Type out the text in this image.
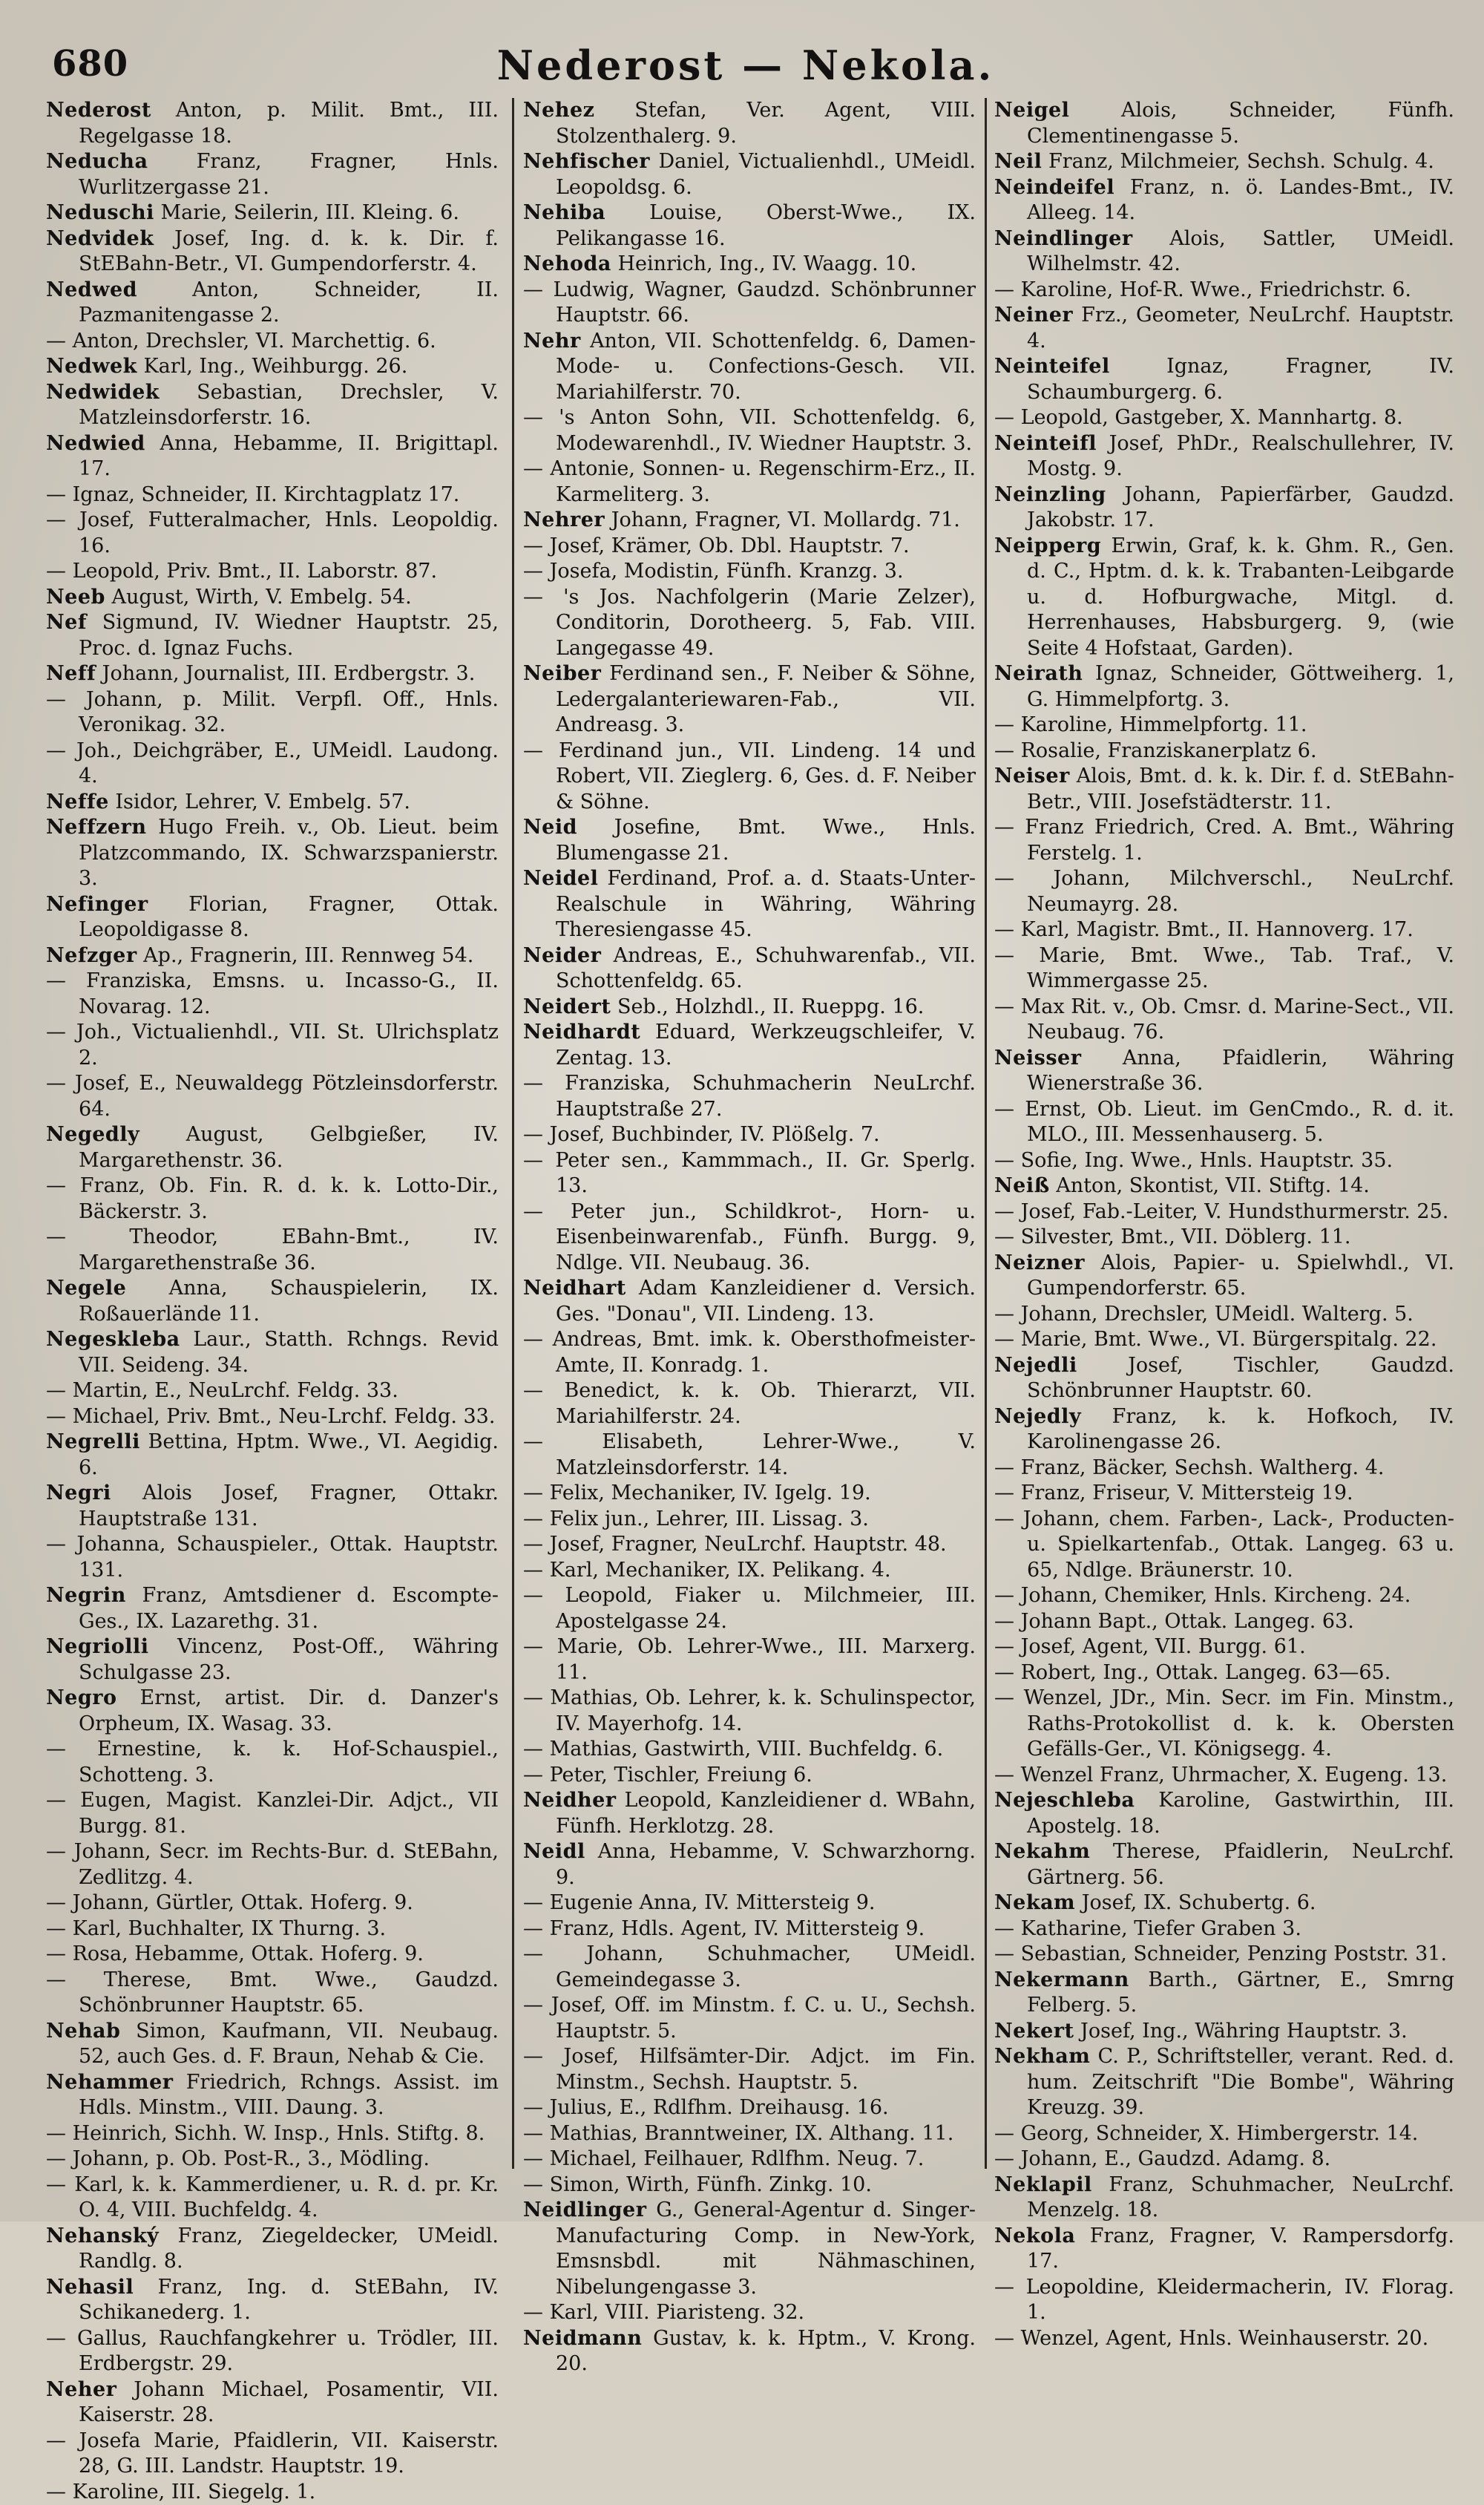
680	Nederost — Nekola.
Nederost Anton, p. Milit. Bmt., III. Regelgasse 18.
Neducha Franz, Fragner, Hnls. Wurlitzergasse 21.
Neduschi Marie, Seilerin, III. Kleing. 6.
Nedvidek Josef, Ing. d. k. k. Dir. f. StEBahn-Betr., VI. Gumpendorferstr. 4.
Nedwed Anton, Schneider, II. Pazmanitengasse 2.
— Anton, Drechsler, VI. Marchettig. 6.
Nedwek Karl, Ing., Weihburgg. 26.
Nedwidek Sebastian, Drechsler, V. Matzleinsdorferstr. 16.
Nedwied Anna, Hebamme, II. Brigittapl. 17.
— Ignaz, Schneider, II. Kirchtagplatz 17.
— Josef, Futteralmacher, Hnls. Leopoldig. 16.
— Leopold, Priv. Bmt., II. Laborstr. 87.
Neeb August, Wirth, V. Embelg. 54.
Nef Sigmund, IV. Wiedner Hauptstr. 25, Proc. d. Ignaz Fuchs.
Neff Johann, Journalist, III. Erdbergstr. 3.
— Johann, p. Milit. Verpfl. Off., Hnls. Veronikag. 32.
— Joh., Deichgräber, E., UMeidl. Laudong. 4.
Neffe Isidor, Lehrer, V. Embelg. 57.
Neffzern Hugo Freih. v., Ob. Lieut. beim Platzcommando, IX. Schwarzspanierstr. 3.
Nefinger Florian, Fragner, Ottak. Leopoldigasse 8.
Nefzger Ap., Fragnerin, III. Rennweg 54.
— Franziska, Emsns. u. Incasso-G., II. Novarag. 12.
— Joh., Victualienhdl., VII. St. Ulrichsplatz 2.
— Josef, E., Neuwaldegg Pötzleinsdorferstr. 64.
Negedly August, Gelbgießer, IV. Margarethenstr. 36.
— Franz, Ob. Fin. R. d. k. k. Lotto-Dir., Bäckerstr. 3.
— Theodor, EBahn-Bmt., IV. Margarethenstraße 36.
Negele Anna, Schauspielerin, IX. Roßauerlände 11.
Negeskleba Laur., Statth. Rchngs. Revid VII. Seideng. 34.
— Martin, E., NeuLrchf. Feldg. 33.
— Michael, Priv. Bmt., Neu-Lrchf. Feldg. 33.
Negrelli Bettina, Hptm. Wwe., VI. Aegidig. 6.
Negri Alois Josef, Fragner, Ottakr. Hauptstraße 131.
— Johanna, Schauspieler., Ottak. Hauptstr. 131.
Negrin Franz, Amtsdiener d. Escompte-Ges., IX. Lazarethg. 31.
Negriolli Vincenz, Post-Off., Währing Schulgasse 23.
Negro Ernst, artist. Dir. d. Danzer's Orpheum, IX. Wasag. 33.
— Ernestine, k. k. Hof-Schauspiel., Schotteng. 3.
— Eugen, Magist. Kanzlei-Dir. Adjct., VII Burgg. 81.
— Johann, Secr. im Rechts-Bur. d. StEBahn, Zedlitzg. 4.
— Johann, Gürtler, Ottak. Hoferg. 9.
— Karl, Buchhalter, IX Thurng. 3.
— Rosa, Hebamme, Ottak. Hoferg. 9.
— Therese, Bmt. Wwe., Gaudzd. Schönbrunner Hauptstr. 65.
Nehab Simon, Kaufmann, VII. Neubaug. 52, auch Ges. d. F. Braun, Nehab & Cie.
Nehammer Friedrich, Rchngs. Assist. im Hdls. Minstm., VIII. Daung. 3.
— Heinrich, Sichh. W. Insp., Hnls. Stiftg. 8.
— Johann, p. Ob. Post-R., 3., Mödling.
— Karl, k. k. Kammerdiener, u. R. d. pr. Kr. O. 4, VIII. Buchfeldg. 4.
Nehanský Franz, Ziegeldecker, UMeidl. Randlg. 8.
Nehasil Franz, Ing. d. StEBahn, IV. Schikanederg. 1.
— Gallus, Rauchfangkehrer u. Trödler, III. Erdbergstr. 29.
Neher Johann Michael, Posamentir, VII. Kaiserstr. 28.
— Josefa Marie, Pfaidlerin, VII. Kaiserstr. 28, G. III. Landstr. Hauptstr. 19.
— Karoline, III. Siegelg. 1.
Nehez Stefan, Ver. Agent, VIII. Stolzenthalerg. 9.
Nehfischer Daniel, Victualienhdl., UMeidl. Leopoldsg. 6.
Nehiba Louise, Oberst-Wwe., IX. Pelikangasse 16.
Nehoda Heinrich, Ing., IV. Waagg. 10.
— Ludwig, Wagner, Gaudzd. Schönbrunner Hauptstr. 66.
Nehr Anton, VII. Schottenfeldg. 6, Damen-Mode- u. Confections-Gesch. VII. Mariahilferstr. 70.
— 's Anton Sohn, VII. Schottenfeldg. 6, Modewarenhdl., IV. Wiedner Hauptstr. 3.
— Antonie, Sonnen- u. Regenschirm-Erz., II. Karmeliterg. 3.
Nehrer Johann, Fragner, VI. Mollardg. 71.
— Josef, Krämer, Ob. Dbl. Hauptstr. 7.
— Josefa, Modistin, Fünfh. Kranzg. 3.
— 's Jos. Nachfolgerin (Marie Zelzer), Conditorin, Dorotheerg. 5, Fab. VIII. Langegasse 49.
Neiber Ferdinand sen., F. Neiber & Söhne, Ledergalanteriewaren-Fab., VII. Andreasg. 3.
— Ferdinand jun., VII. Lindeng. 14 und Robert, VII. Zieglerg. 6, Ges. d. F. Neiber & Söhne.
Neid Josefine, Bmt. Wwe., Hnls. Blumengasse 21.
Neidel Ferdinand, Prof. a. d. Staats-Unter-Realschule in Währing, Währing Theresiengasse 45.
Neider Andreas, E., Schuhwarenfab., VII. Schottenfeldg. 65.
Neidert Seb., Holzhdl., II. Rueppg. 16.
Neidhardt Eduard, Werkzeugschleifer, V. Zentag. 13.
— Franziska, Schuhmacherin NeuLrchf. Hauptstraße 27.
— Josef, Buchbinder, IV. Plößelg. 7.
— Peter sen., Kammmach., II. Gr. Sperlg. 13.
— Peter jun., Schildkrot-, Horn- u. Eisenbeinwarenfab., Fünfh. Burgg. 9, Ndlge. VII. Neubaug. 36.
Neidhart Adam Kanzleidiener d. Versich. Ges. "Donau", VII. Lindeng. 13.
— Andreas, Bmt. imk. k. Obersthofmeister-Amte, II. Konradg. 1.
— Benedict, k. k. Ob. Thierarzt, VII. Mariahilferstr. 24.
— Elisabeth, Lehrer-Wwe., V. Matzleinsdorferstr. 14.
— Felix, Mechaniker, IV. Igelg. 19.
— Felix jun., Lehrer, III. Lissag. 3.
— Josef, Fragner, NeuLrchf. Hauptstr. 48.
— Karl, Mechaniker, IX. Pelikang. 4.
— Leopold, Fiaker u. Milchmeier, III. Apostelgasse 24.
— Marie, Ob. Lehrer-Wwe., III. Marxerg. 11.
— Mathias, Ob. Lehrer, k. k. Schulinspector, IV. Mayerhofg. 14.
— Mathias, Gastwirth, VIII. Buchfeldg. 6.
— Peter, Tischler, Freiung 6.
Neidher Leopold, Kanzleidiener d. WBahn, Fünfh. Herklotzg. 28.
Neidl Anna, Hebamme, V. Schwarzhorng. 9.
— Eugenie Anna, IV. Mittersteig 9.
— Franz, Hdls. Agent, IV. Mittersteig 9.
— Johann, Schuhmacher, UMeidl. Gemeindegasse 3.
— Josef, Off. im Minstm. f. C. u. U., Sechsh. Hauptstr. 5.
— Josef, Hilfsämter-Dir. Adjct. im Fin. Minstm., Sechsh. Hauptstr. 5.
— Julius, E., Rdlfhm. Dreihausg. 16.
— Mathias, Branntweiner, IX. Althang. 11.
— Michael, Feilhauer, Rdlfhm. Neug. 7.
— Simon, Wirth, Fünfh. Zinkg. 10.
Neidlinger G., General-Agentur d. Singer-Manufacturing Comp. in New-York, Emsnsbdl. mit Nähmaschinen, Nibelungengasse 3.
— Karl, VIII. Piaristeng. 32.
Neidmann Gustav, k. k. Hptm., V. Krong. 20.
Neigel Alois, Schneider, Fünfh. Clementinengasse 5.
Neil Franz, Milchmeier, Sechsh. Schulg. 4.
Neindeifel Franz, n. ö. Landes-Bmt., IV. Alleeg. 14.
Neindlinger Alois, Sattler, UMeidl. Wilhelmstr. 42.
— Karoline, Hof-R. Wwe., Friedrichstr. 6.
Neiner Frz., Geometer, NeuLrchf. Hauptstr. 4.
Neinteifel Ignaz, Fragner, IV. Schaumburgerg. 6.
— Leopold, Gastgeber, X. Mannhartg. 8.
Neinteifl Josef, PhDr., Realschullehrer, IV. Mostg. 9.
Neinzling Johann, Papierfärber, Gaudzd. Jakobstr. 17.
Neipperg Erwin, Graf, k. k. Ghm. R., Gen. d. C., Hptm. d. k. k. Trabanten-Leibgarde u. d. Hofburgwache, Mitgl. d. Herrenhauses, Habsburgerg. 9, (wie Seite 4 Hofstaat, Garden).
Neirath Ignaz, Schneider, Göttweiherg. 1, G. Himmelpfortg. 3.
— Karoline, Himmelpfortg. 11.
— Rosalie, Franziskanerplatz 6.
Neiser Alois, Bmt. d. k. k. Dir. f. d. StEBahn-Betr., VIII. Josefstädterstr. 11.
— Franz Friedrich, Cred. A. Bmt., Währing Ferstelg. 1.
— Johann, Milchverschl., NeuLrchf. Neumayrg. 28.
— Karl, Magistr. Bmt., II. Hannoverg. 17.
— Marie, Bmt. Wwe., Tab. Traf., V. Wimmergasse 25.
— Max Rit. v., Ob. Cmsr. d. Marine-Sect., VII. Neubaug. 76.
Neisser Anna, Pfaidlerin, Währing Wienerstraße 36.
— Ernst, Ob. Lieut. im GenCmdo., R. d. it. MLO., III. Messenhauserg. 5.
— Sofie, Ing. Wwe., Hnls. Hauptstr. 35.
Neiß Anton, Skontist, VII. Stiftg. 14.
— Josef, Fab.-Leiter, V. Hundsthurmerstr. 25.
— Silvester, Bmt., VII. Döblerg. 11.
Neizner Alois, Papier- u. Spielwhdl., VI. Gumpendorferstr. 65.
— Johann, Drechsler, UMeidl. Walterg. 5.
— Marie, Bmt. Wwe., VI. Bürgerspitalg. 22.
Nejedli Josef, Tischler, Gaudzd. Schönbrunner Hauptstr. 60.
Nejedly Franz, k. k. Hofkoch, IV. Karolinengasse 26.
— Franz, Bäcker, Sechsh. Waltherg. 4.
— Franz, Friseur, V. Mittersteig 19.
— Johann, chem. Farben-, Lack-, Producten- u. Spielkartenfab., Ottak. Langeg. 63 u. 65, Ndlge. Bräunerstr. 10.
— Johann, Chemiker, Hnls. Kircheng. 24.
— Johann Bapt., Ottak. Langeg. 63.
— Josef, Agent, VII. Burgg. 61.
— Robert, Ing., Ottak. Langeg. 63—65.
— Wenzel, JDr., Min. Secr. im Fin. Minstm., Raths-Protokollist d. k. k. Obersten Gefälls-Ger., VI. Königsegg. 4.
— Wenzel Franz, Uhrmacher, X. Eugeng. 13.
Nejeschleba Karoline, Gastwirthin, III. Apostelg. 18.
Nekahm Therese, Pfaidlerin, NeuLrchf. Gärtnerg. 56.
Nekam Josef, IX. Schubertg. 6.
— Katharine, Tiefer Graben 3.
— Sebastian, Schneider, Penzing Poststr. 31.
Nekermann Barth., Gärtner, E., Smrng Felberg. 5.
Nekert Josef, Ing., Währing Hauptstr. 3.
Nekham C. P., Schriftsteller, verant. Red. d. hum. Zeitschrift "Die Bombe", Währing Kreuzg. 39.
— Georg, Schneider, X. Himbergerstr. 14.
— Johann, E., Gaudzd. Adamg. 8.
Neklapil Franz, Schuhmacher, NeuLrchf. Menzelg. 18.
Nekola Franz, Fragner, V. Rampersdorfg. 17.
— Leopoldine, Kleidermacherin, IV. Florag. 1.
— Wenzel, Agent, Hnls. Weinhauserstr. 20.
